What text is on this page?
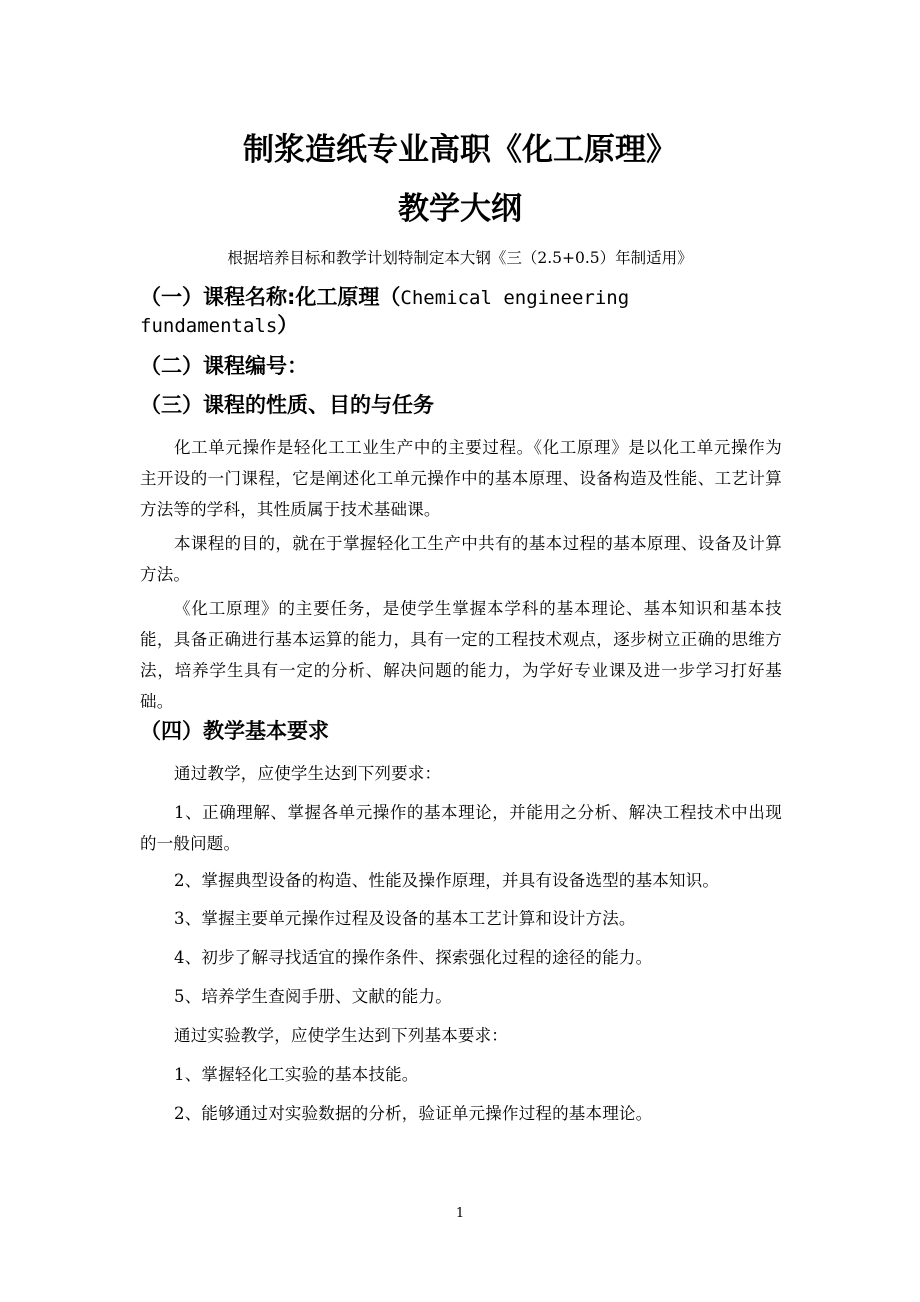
制浆造纸专业高职《化工原理》
教学大纲
根据培养目标和教学计划特制定本大钢《三（2.5+0.5）年制适用》
（一）课程名称:化工原理（Chemical engineering fundamentals）
（二）课程编号：
（三）课程的性质、目的与任务
化工单元操作是轻化工工业生产中的主要过程。《化工原理》是以化工单元操作为主开设的一门课程，它是阐述化工单元操作中的基本原理、设备构造及性能、工艺计算方法等的学科，其性质属于技术基础课。
本课程的目的，就在于掌握轻化工生产中共有的基本过程的基本原理、设备及计算方法。
《化工原理》的主要任务，是使学生掌握本学科的基本理论、基本知识和基本技能，具备正确进行基本运算的能力，具有一定的工程技术观点，逐步树立正确的思维方法，培养学生具有一定的分析、解决问题的能力，为学好专业课及进一步学习打好基础。
（四）教学基本要求
通过教学，应使学生达到下列要求：
1、正确理解、掌握各单元操作的基本理论，并能用之分析、解决工程技术中出现的一般问题。
2、掌握典型设备的构造、性能及操作原理，并具有设备选型的基本知识。
3、掌握主要单元操作过程及设备的基本工艺计算和设计方法。
4、初步了解寻找适宜的操作条件、探索强化过程的途径的能力。
5、培养学生查阅手册、文献的能力。
通过实验教学，应使学生达到下列基本要求：
1、掌握轻化工实验的基本技能。
2、能够通过对实验数据的分析，验证单元操作过程的基本理论。
1
